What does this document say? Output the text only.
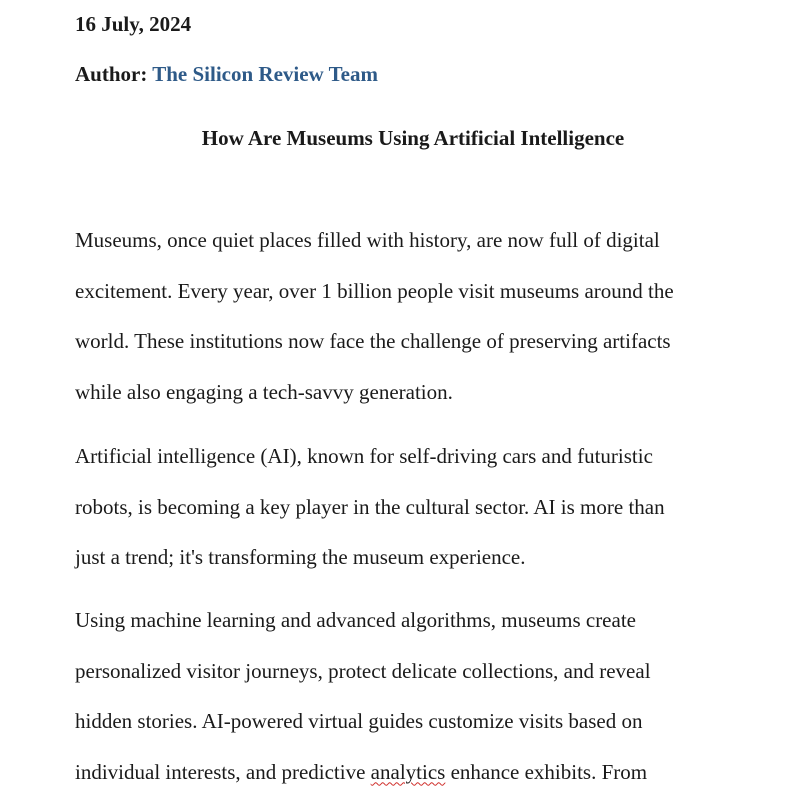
16 July, 2024
Author: The Silicon Review Team
How Are Museums Using Artificial Intelligence
Museums, once quiet places filled with history, are now full of digital
excitement. Every year, over 1 billion people visit museums around the
world. These institutions now face the challenge of preserving artifacts
while also engaging a tech-savvy generation.
Artificial intelligence (AI), known for self-driving cars and futuristic
robots, is becoming a key player in the cultural sector. AI is more than
just a trend; it's transforming the museum experience.
Using machine learning and advanced algorithms, museums create
personalized visitor journeys, protect delicate collections, and reveal
hidden stories. AI-powered virtual guides customize visits based on
individual interests, and predictive analytics enhance exhibits. From
